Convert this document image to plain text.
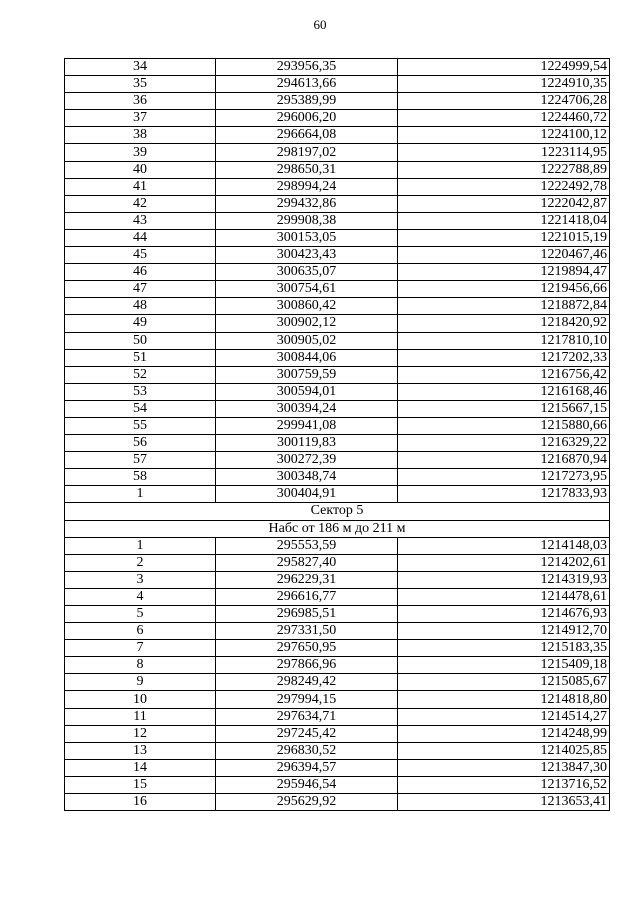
60
34	293956,35	1224999,54
35	294613,66	1224910,35
36	295389,99	1224706,28
37	296006,20	1224460,72
38	296664,08	1224100,12
39	298197,02	1223114,95
40	298650,31	1222788,89
41	298994,24	1222492,78
42	299432,86	1222042,87
43	299908,38	1221418,04
44	300153,05	1221015,19
45	300423,43	1220467,46
46	300635,07	1219894,47
47	300754,61	1219456,66
48	300860,42	1218872,84
49	300902,12	1218420,92
50	300905,02	1217810,10
51	300844,06	1217202,33
52	300759,59	1216756,42
53	300594,01	1216168,46
54	300394,24	1215667,15
55	299941,08	1215880,66
56	300119,83	1216329,22
57	300272,39	1216870,94
58	300348,74	1217273,95
1	300404,91	1217833,93
Сектор 5		
Набс от 186 м до 211 м		
1	295553,59	1214148,03
2	295827,40	1214202,61
3	296229,31	1214319,93
4	296616,77	1214478,61
5	296985,51	1214676,93
6	297331,50	1214912,70
7	297650,95	1215183,35
8	297866,96	1215409,18
9	298249,42	1215085,67
10	297994,15	1214818,80
11	297634,71	1214514,27
12	297245,42	1214248,99
13	296830,52	1214025,85
14	296394,57	1213847,30
15	295946,54	1213716,52
16	295629,92	1213653,41
